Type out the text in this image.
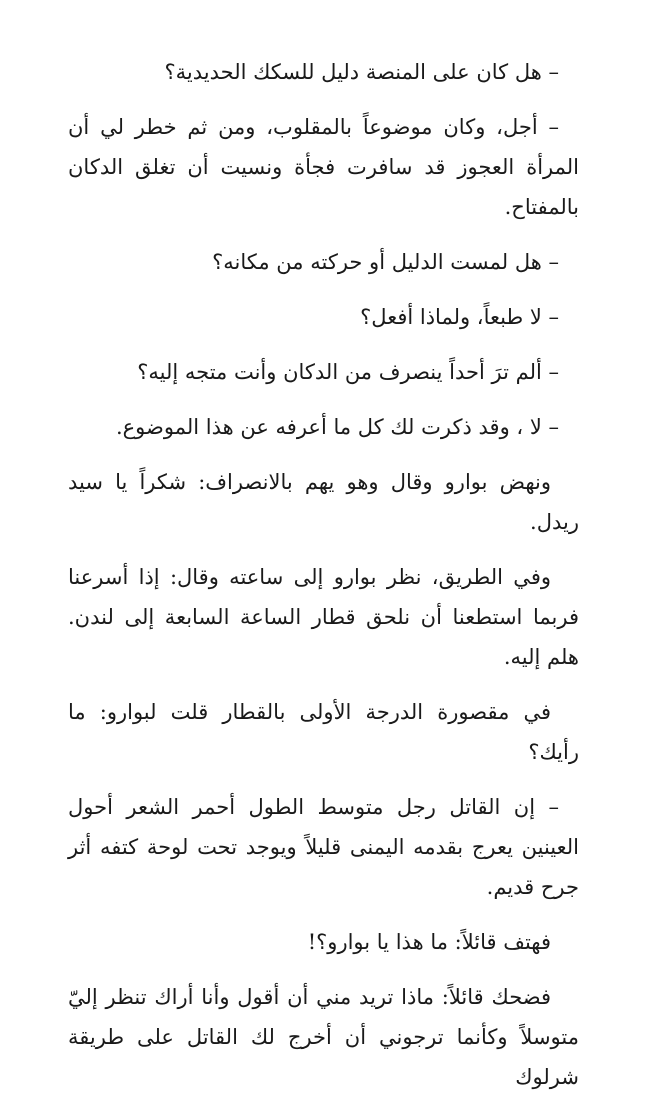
– هل كان على المنصة دليل للسكك الحديدية؟

– أجل، وكان موضوعاً بالمقلوب، ومن ثم خطر لي أن المرأة العجوز قد سافرت فجأة ونسيت أن تغلق الدكان بالمفتاح.

– هل لمست الدليل أو حركته من مكانه؟

– لا طبعاً، ولماذا أفعل؟

– ألم ترَ أحداً ينصرف من الدكان وأنت متجه إليه؟

– لا ، وقد ذكرت لك كل ما أعرفه عن هذا الموضوع.

ونهض بوارو وقال وهو يهم بالانصراف: شكراً يا سيد ريدل.

وفي الطريق، نظر بوارو إلى ساعته وقال: إذا أسرعنا فربما استطعنا أن نلحق قطار الساعة السابعة إلى لندن. هلم إليه.

في مقصورة الدرجة الأولى بالقطار قلت لبوارو: ما رأيك؟

– إن القاتل رجل متوسط الطول أحمر الشعر أحول العينين يعرج بقدمه اليمنى قليلاً ويوجد تحت لوحة كتفه أثر جرح قديم.

فهتف قائلاً: ما هذا يا بوارو؟!

فضحك قائلاً: ماذا تريد مني أن أقول وأنا أراك تنظر إليّ متوسلاً وكأنما ترجوني أن أخرج لك القاتل على طريقة شرلوك
